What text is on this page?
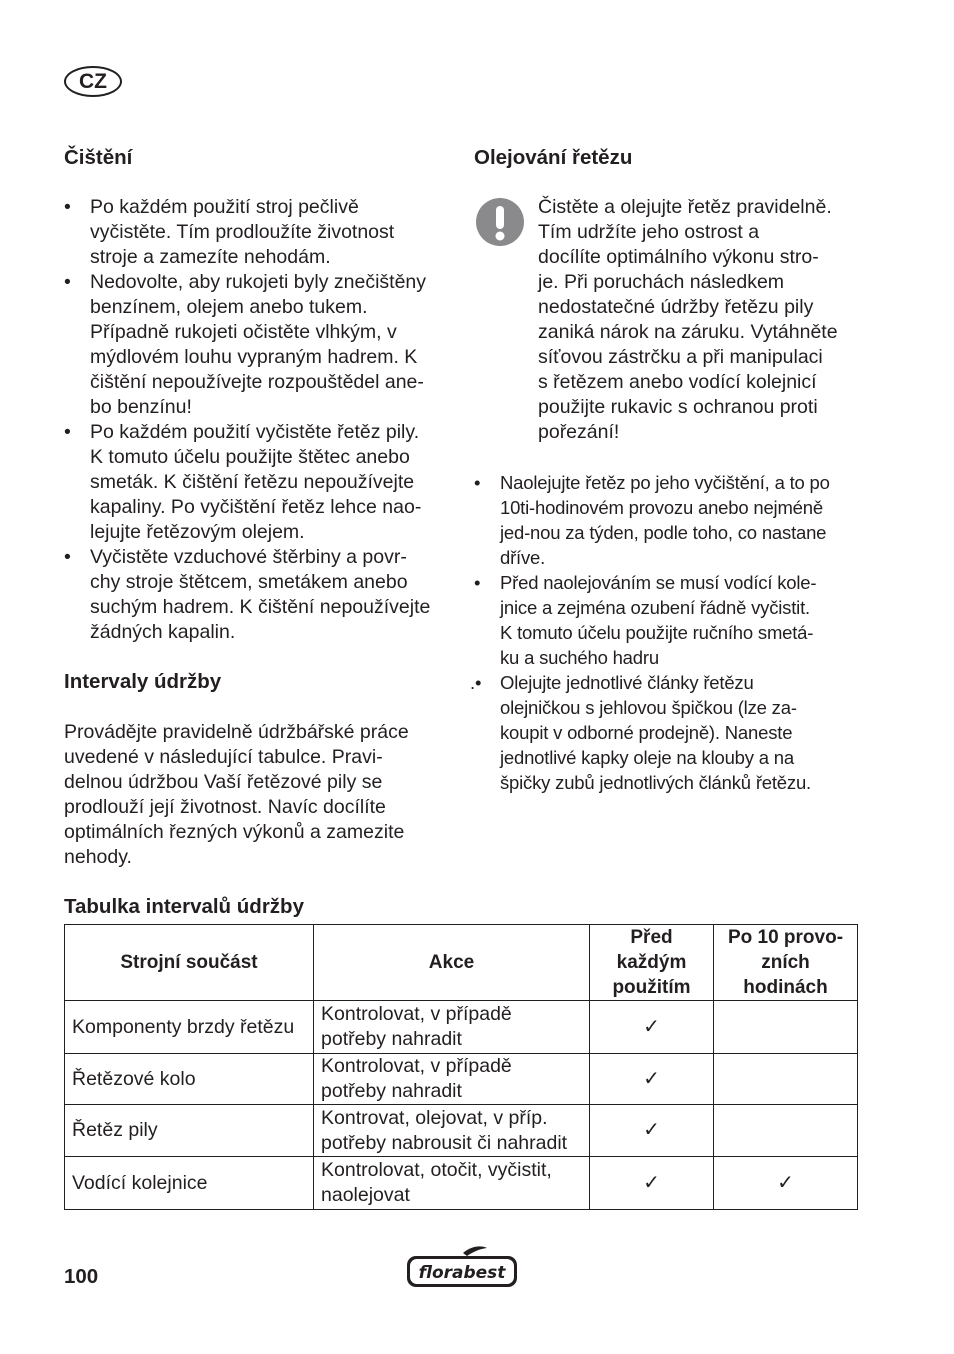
CZ
Čištění
• Po každém použití stroj pečlivě
vyčistěte. Tím prodloužíte životnost
stroje a zamezíte nehodám.
• Nedovolte, aby rukojeti byly znečištěny
benzínem, olejem anebo tukem.
Případně rukojeti očistěte vlhkým, v
mýdlovém louhu vypraným hadrem. K
čištění nepoužívejte rozpouštědel ane-
bo benzínu!
• Po každém použití vyčistěte řetěz pily.
K tomuto účelu použijte štětec anebo
smeták. K čištění řetězu nepoužívejte
kapaliny. Po vyčištění řetěz lehce nao-
lejujte řetězovým olejem.
• Vyčistěte vzduchové štěrbiny a povr-
chy stroje štětcem, smetákem anebo
suchým hadrem. K čištění nepoužívejte
žádných kapalin.
Intervaly údržby

Provádějte pravidelně údržbářské práce
uvedené v následující tabulce. Pravi-
delnou údržbou Vaší řetězové pily se
prodlouží její životnost. Navíc docílíte
optimálních řezných výkonů a zamezite
nehody.

Olejování řetězu

Čistěte a olejujte řetěz pravidelně.
Tím udržíte jeho ostrost a
docílíte optimálního výkonu stro-
je. Při poruchách následkem
nedostatečné údržby řetězu pily
zaniká nárok na záruku. Vytáhněte
síťovou zástrčku a při manipulaci
s řetězem anebo vodící kolejnicí
použijte rukavic s ochranou proti
pořezání!

• Naolejujte řetěz po jeho vyčištění, a to po
10ti-hodinovém provozu anebo nejméně
jed-nou za týden, podle toho, co nastane
dříve.
• Před naolejováním se musí vodící kole-
jnice a zejména ozubení řádně vyčistit.
K tomuto účelu použijte ručního smetá-
ku a suchého hadru
.• Olejujte jednotlivé články řetězu
olejničkou s jehlovou špičkou (lze za-
koupit v odborné prodejně). Naneste
jednotlivé kapky oleje na klouby a na
špičky zubů jednotlivých článků řetězu.
Tabulka intervalů údržby
Strojní součást	Akce	Před
každým
použitím	Po 10 provo-
zních
hodinách
Komponenty brzdy řetězu	Kontrolovat, v případě
potřeby nahradit	✓	
Řetězové kolo	Kontrolovat, v případě
potřeby nahradit	✓	
Řetěz pily	Kontrovat, olejovat, v příp.
potřeby nabrousit či nahradit	✓	
Vodící kolejnice	Kontrolovat, otočit, vyčistit,
naolejovat	✓	✓
100	florabest
